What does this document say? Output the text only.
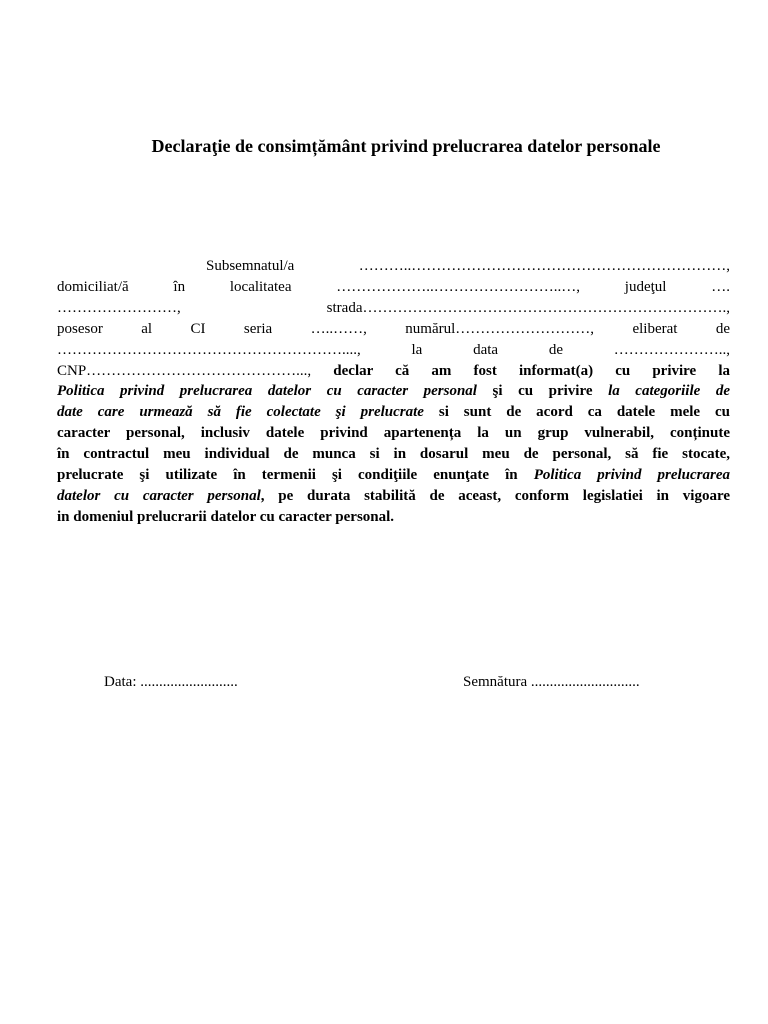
Declaraţie de consimțământ privind prelucrarea datelor personale
Subsemnatul/a ………..………………………………………………………,
domiciliat/ă în localitatea ………………..……………………..…, judeţul ….
……………………, strada……………………………………………………………….,
posesor al CI seria …..……, numărul………………………, eliberat de
…………………………………………………...., la data de …………………..,
CNP……………………………………..., declar că am fost informat(a) cu privire la
Politica privind prelucrarea datelor cu caracter personal şi cu privire la categoriile de
date care urmează să fie colectate şi prelucrate si sunt de acord ca datele mele cu
caracter personal, inclusiv datele privind apartenența la un grup vulnerabil, conținute
în contractul meu individual de munca si in dosarul meu de personal, să fie stocate,
prelucrate şi utilizate în termenii şi condiţiile enunţate în Politica privind prelucrarea
datelor cu caracter personal, pe durata stabilită de aceast, conform legislatiei in vigoare
in domeniul prelucrarii datelor cu caracter personal.
Data: ..........................	Semnătura .............................
